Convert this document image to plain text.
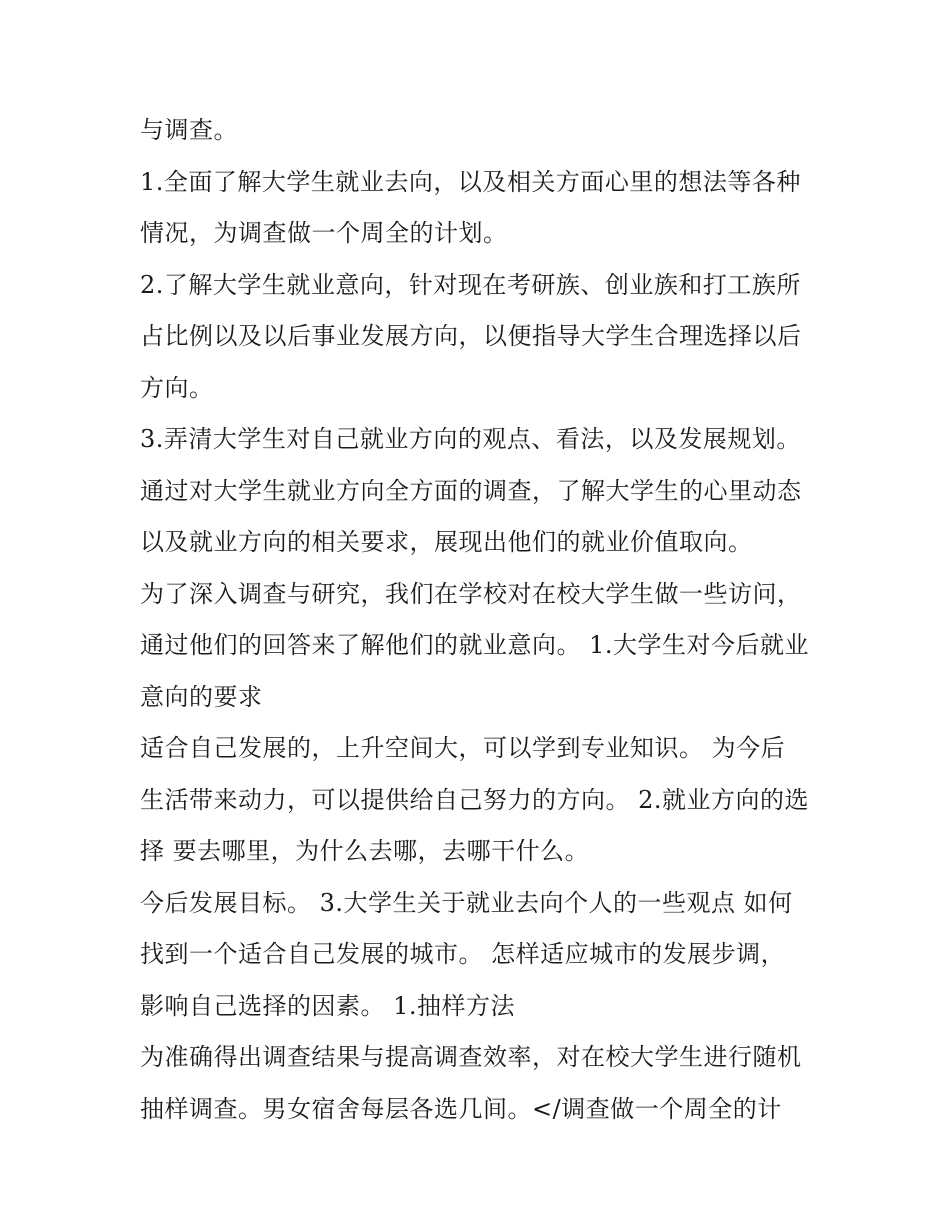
与调查。
1.全面了解大学生就业去向，以及相关方面心里的想法等各种
情况，为调查做一个周全的计划。
2.了解大学生就业意向，针对现在考研族、创业族和打工族所
占比例以及以后事业发展方向，以便指导大学生合理选择以后
方向。
3.弄清大学生对自己就业方向的观点、看法，以及发展规划。
通过对大学生就业方向全方面的调查，了解大学生的心里动态
以及就业方向的相关要求，展现出他们的就业价值取向。
为了深入调查与研究，我们在学校对在校大学生做一些访问，
通过他们的回答来了解他们的就业意向。 1.大学生对今后就业
意向的要求
适合自己发展的，上升空间大，可以学到专业知识。 为今后
生活带来动力，可以提供给自己努力的方向。 2.就业方向的选
择 要去哪里，为什么去哪，去哪干什么。
今后发展目标。 3.大学生关于就业去向个人的一些观点 如何
找到一个适合自己发展的城市。 怎样适应城市的发展步调，
影响自己选择的因素。 1.抽样方法
为准确得出调查结果与提高调查效率，对在校大学生进行随机
抽样调查。男女宿舍每层各选几间。</调查做一个周全的计
